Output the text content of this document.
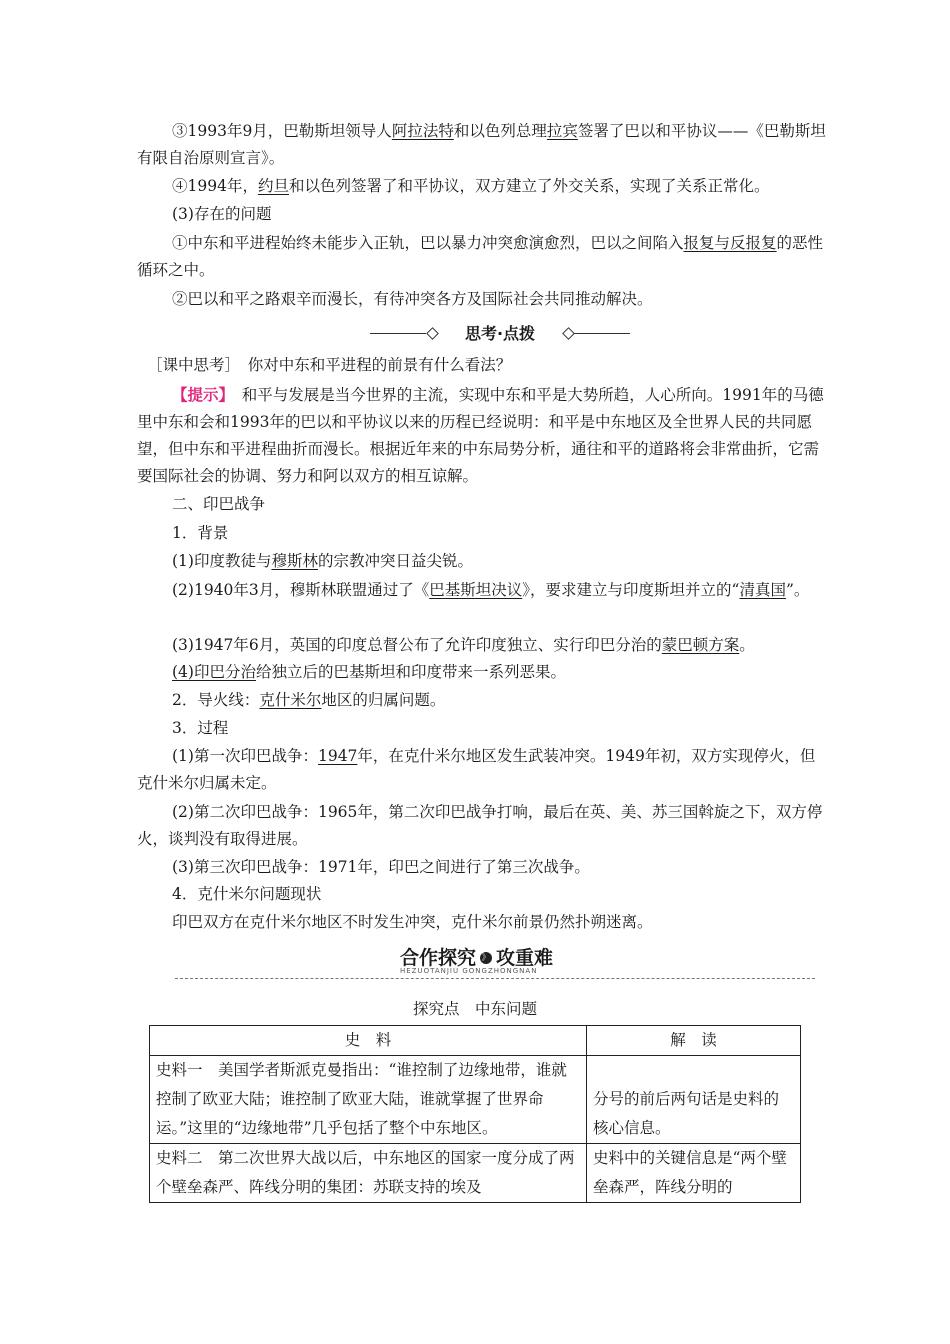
③1993年9月，巴勒斯坦领导人阿拉法特和以色列总理拉宾签署了巴以和平协议——《巴勒斯坦有限自治原则宣言》。

④1994年，约旦和以色列签署了和平协议，双方建立了外交关系，实现了关系正常化。

(3)存在的问题

①中东和平进程始终未能步入正轨，巴以暴力冲突愈演愈烈，巴以之间陷入报复与反报复的恶性循环之中。

②巴以和平之路艰辛而漫长，有待冲突各方及国际社会共同推动解决。

思考·点拨

［课中思考］　你对中东和平进程的前景有什么看法？

【提示】　和平与发展是当今世界的主流，实现中东和平是大势所趋，人心所向。1991年的马德里中东和会和1993年的巴以和平协议以来的历程已经说明：和平是中东地区及全世界人民的共同愿望，但中东和平进程曲折而漫长。根据近年来的中东局势分析，通往和平的道路将会非常曲折，它需要国际社会的协调、努力和阿以双方的相互谅解。

二、印巴战争

1．背景

(1)印度教徒与穆斯林的宗教冲突日益尖锐。

(2)1940年3月，穆斯林联盟通过了《巴基斯坦决议》，要求建立与印度斯坦并立的“清真国”。

(3)1947年6月，英国的印度总督公布了允许印度独立、实行印巴分治的蒙巴顿方案。

(4)印巴分治给独立后的巴基斯坦和印度带来一系列恶果。

2．导火线：克什米尔地区的归属问题。

3．过程

(1)第一次印巴战争：1947年，在克什米尔地区发生武装冲突。1949年初，双方实现停火，但克什米尔归属未定。

(2)第二次印巴战争：1965年，第二次印巴战争打响，最后在英、美、苏三国斡旋之下，双方停火，谈判没有取得进展。

(3)第三次印巴战争：1971年，印巴之间进行了第三次战争。

4．克什米尔问题现状

印巴双方在克什米尔地区不时发生冲突，克什米尔前景仍然扑朔迷离。

合作探究 》 攻重难
HEZUOTANJIU GONGZHONGNAN
探究点　中东问题
史　料	解　读
史料一　美国学者斯派克曼指出：“谁控制了边缘地带，谁就控制了欧亚大陆；谁控制了欧亚大陆，谁就掌握了世界命运。”这里的“边缘地带”几乎包括了整个中东地区。	分号的前后两句话是史料的核心信息。

史料二　第二次世界大战以后，中东地区的国家一度分成了两个壁垒森严、阵线分明的集团：苏联支持的埃及	史料中的关键信息是“两个壁垒森严，阵线分明的
